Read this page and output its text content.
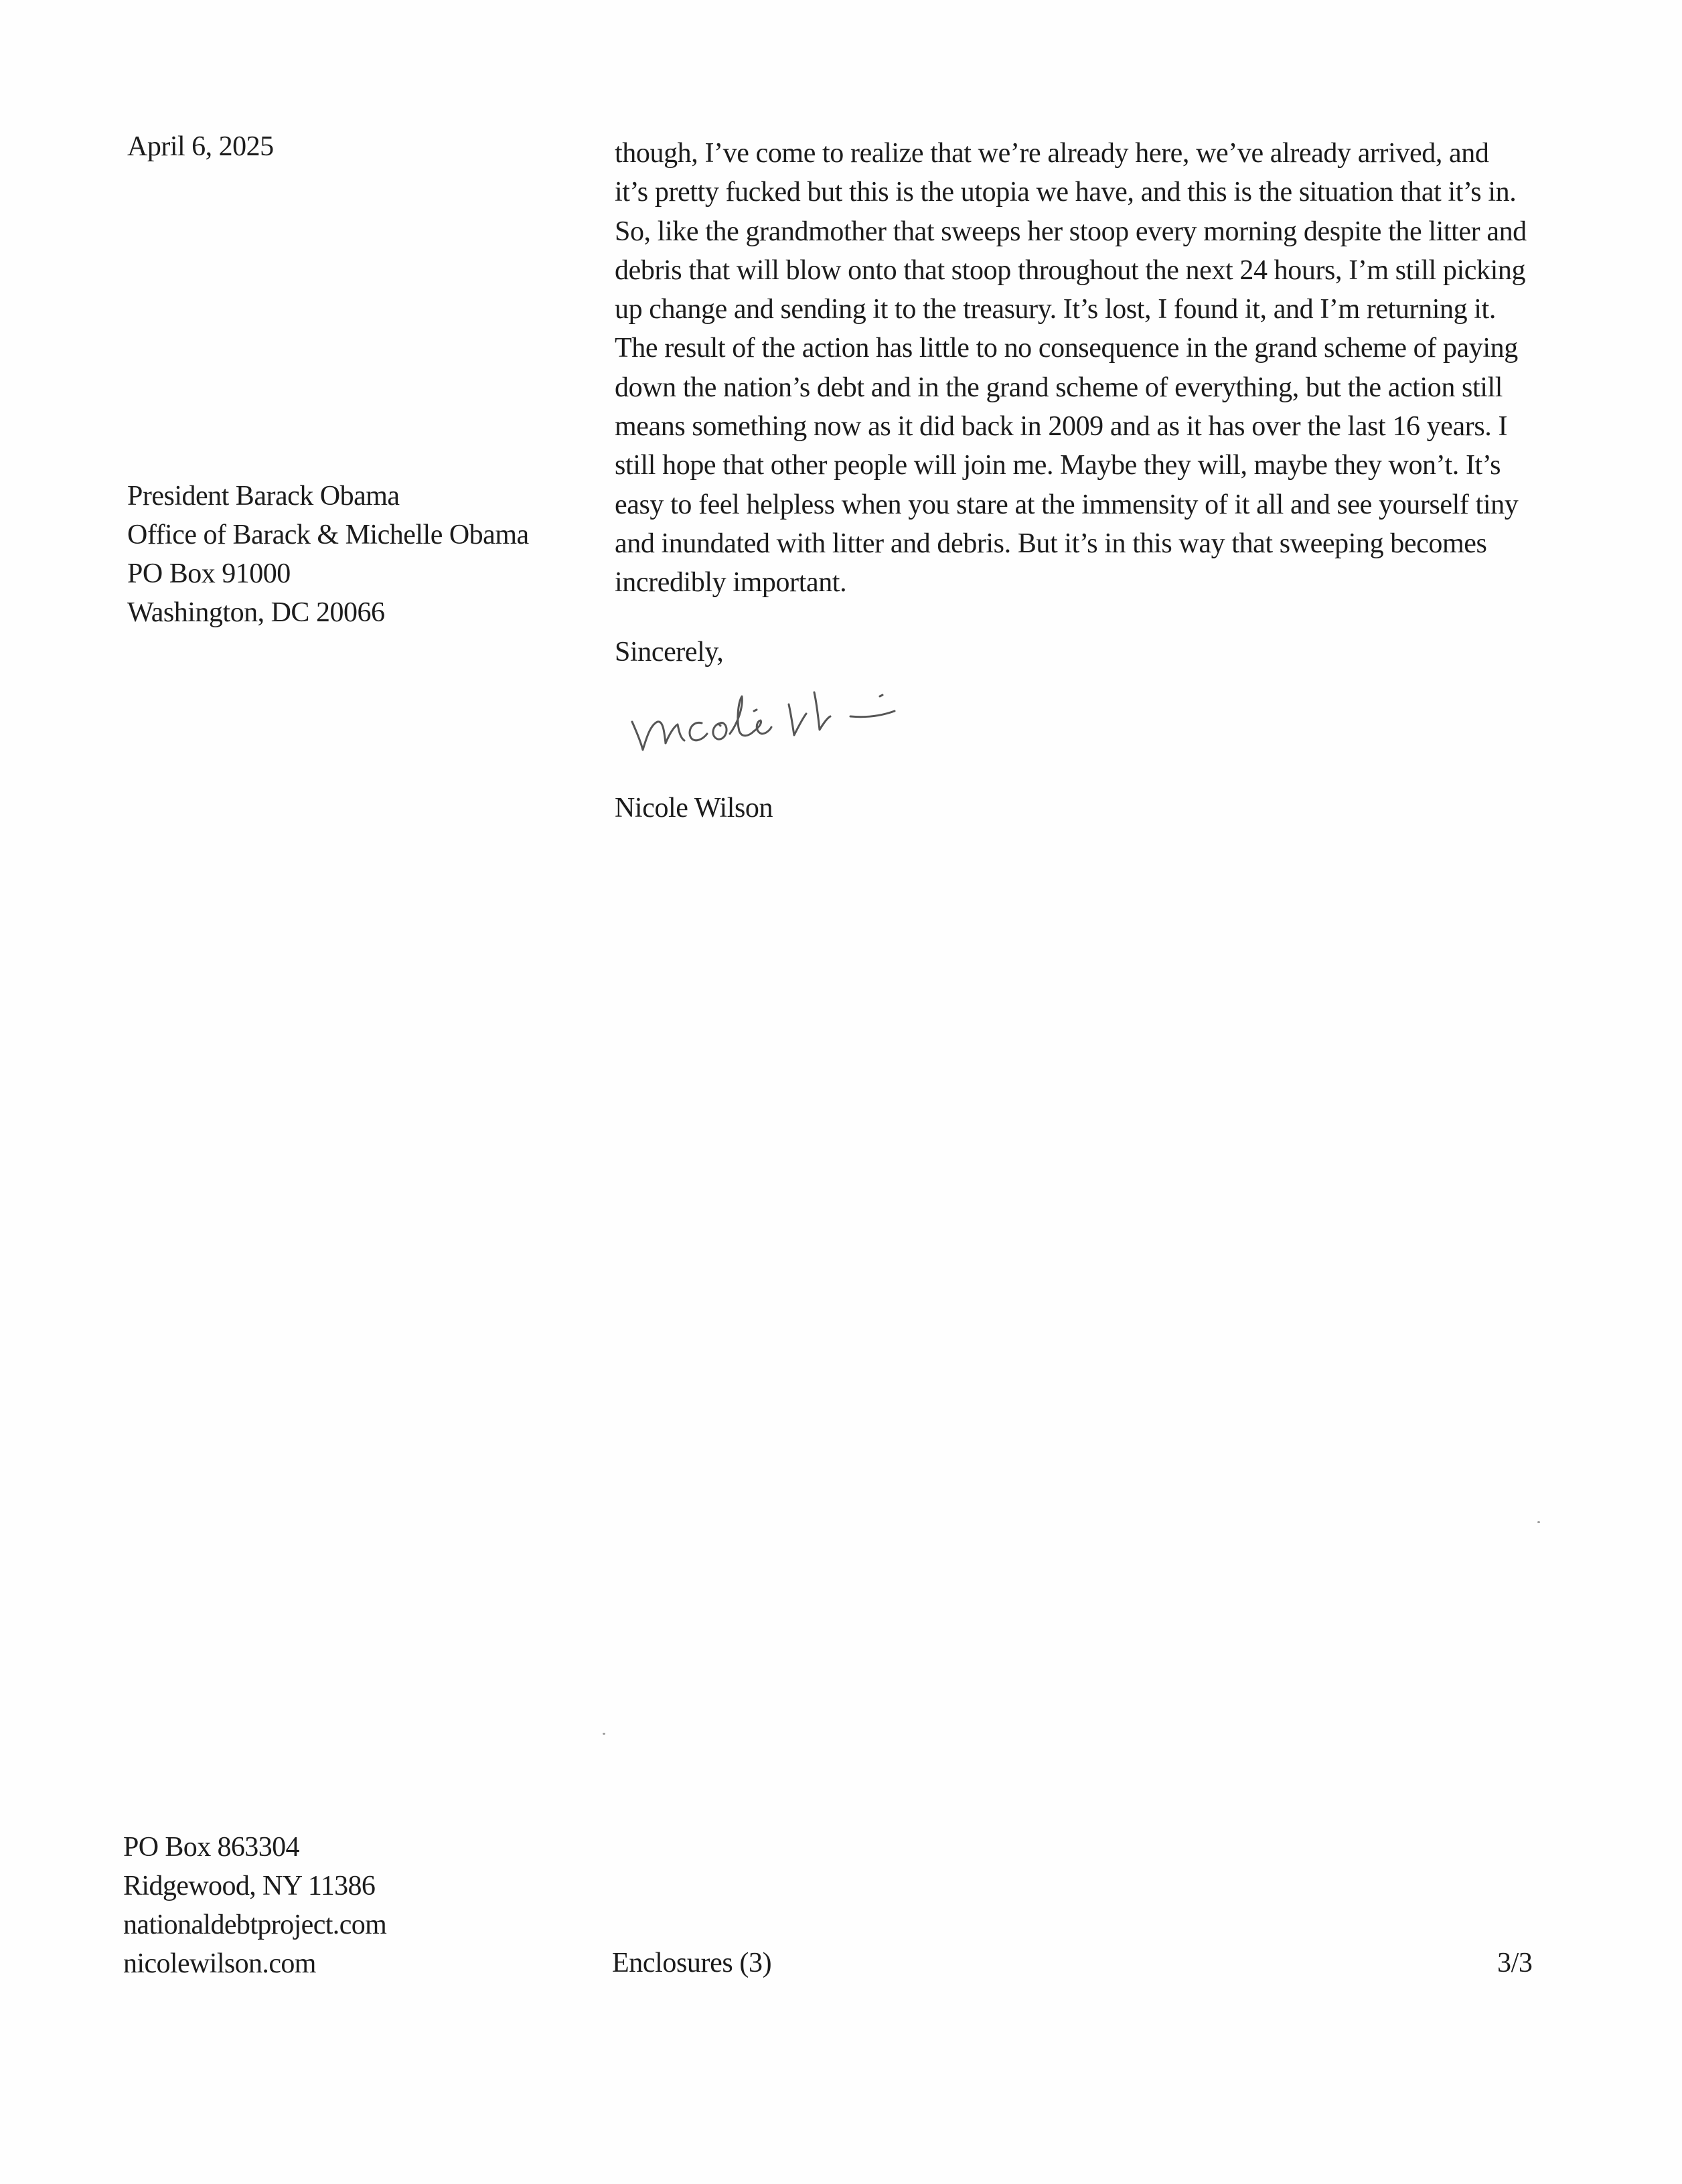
April 6, 2025
President Barack Obama
Office of Barack & Michelle Obama
PO Box 91000
Washington, DC 20066
though, I’ve come to realize that we’re already here, we’ve already arrived, and
it’s pretty fucked but this is the utopia we have, and this is the situation that it’s in.
So, like the grandmother that sweeps her stoop every morning despite the litter and
debris that will blow onto that stoop throughout the next 24 hours, I’m still picking
up change and sending it to the treasury. It’s lost, I found it, and I’m returning it.
The result of the action has little to no consequence in the grand scheme of paying
down the nation’s debt and in the grand scheme of everything, but the action still
means something now as it did back in 2009 and as it has over the last 16 years. I
still hope that other people will join me. Maybe they will, maybe they won’t. It’s
easy to feel helpless when you stare at the immensity of it all and see yourself tiny
and inundated with litter and debris. But it’s in this way that sweeping becomes
incredibly important.
Sincerely,
Nicole Wilson
PO Box 863304
Ridgewood, NY 11386
nationaldebtproject.com
nicolewilson.com	Enclosures (3)	3/3
